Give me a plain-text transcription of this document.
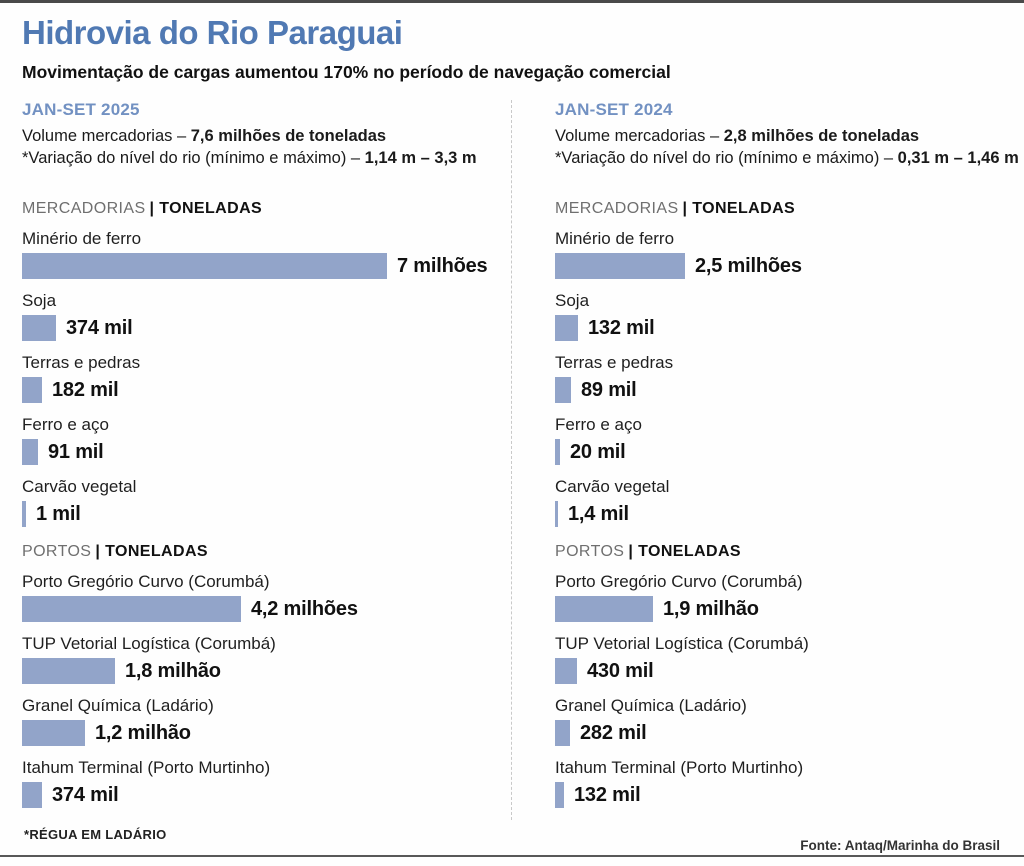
Hidrovia do Rio Paraguai
Movimentação de cargas aumentou 170% no período de navegação comercial
JAN-SET 2025
Volume mercadorias – 7,6 milhões de toneladas
*Variação do nível do rio (mínimo e máximo) – 1,14 m – 3,3 m
MERCADORIAS | TONELADAS
Minério de ferro
7 milhões
Soja
374 mil
Terras e pedras
182 mil
Ferro e aço
91 mil
Carvão vegetal
1 mil
PORTOS | TONELADAS
Porto Gregório Curvo (Corumbá)
4,2 milhões
TUP Vetorial Logística (Corumbá)
1,8 milhão
Granel Química (Ladário)
1,2 milhão
Itahum Terminal (Porto Murtinho)
374 mil
JAN-SET 2024
Volume mercadorias – 2,8 milhões de toneladas
*Variação do nível do rio (mínimo e máximo) – 0,31 m – 1,46 m
MERCADORIAS | TONELADAS
Minério de ferro
2,5 milhões
Soja
132 mil
Terras e pedras
89 mil
Ferro e aço
20 mil
Carvão vegetal
1,4 mil
PORTOS | TONELADAS
Porto Gregório Curvo (Corumbá)
1,9 milhão
TUP Vetorial Logística (Corumbá)
430 mil
Granel Química (Ladário)
282 mil
Itahum Terminal (Porto Murtinho)
132 mil
*RÉGUA EM LADÁRIO
Fonte: Antaq/Marinha do Brasil
